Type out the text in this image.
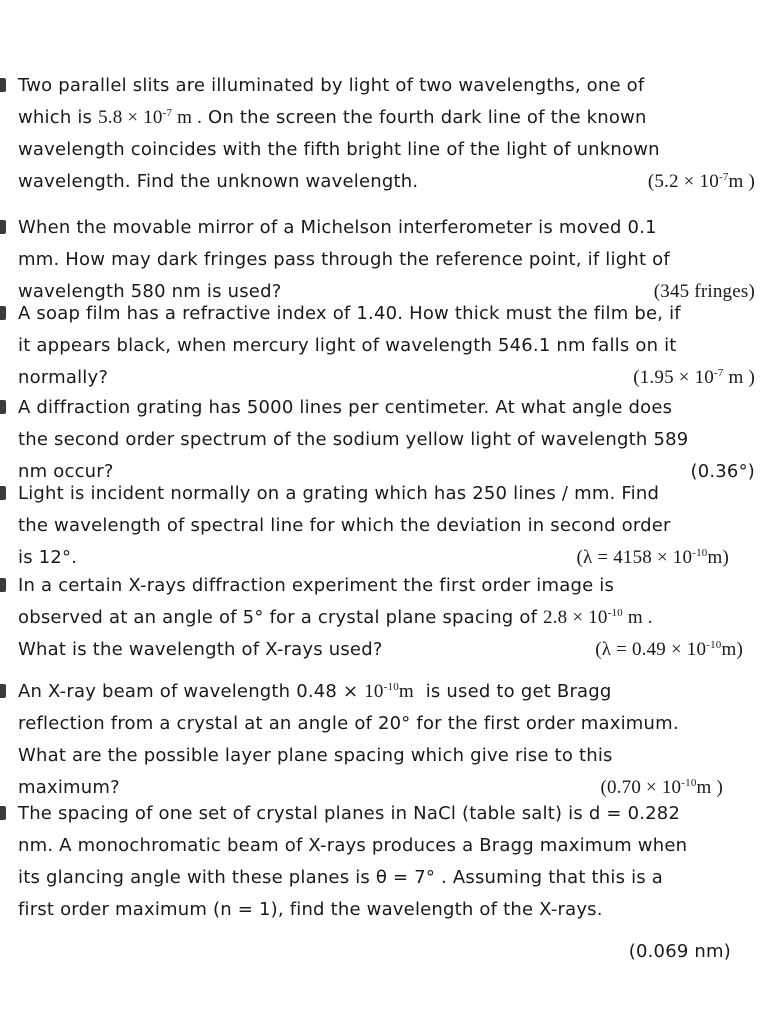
Two parallel slits are illuminated by light of two wavelengths, one of
which is $5.8 \times 10^{-7}$ m . On the screen the fourth dark line of the known
wavelength coincides with the fifth bright line of the light of unknown
wavelength. Find the unknown wavelength.	($5.2 \times 10^{-7}m$ )

When the movable mirror of a Michelson interferometer is moved 0.1
mm. How may dark fringes pass through the reference point, if light of
wavelength 580 nm is used?	(345 fringes)

A soap film has a refractive index of 1.40. How thick must the film be, if
it appears black, when mercury light of wavelength 546.1 nm falls on it
normally?	($1.95 \times 10^{-7}$ m )

A diffraction grating has 5000 lines per centimeter. At what angle does
the second order spectrum of the sodium yellow light of wavelength 589
nm occur?	(0.36°)

Light is incident normally on a grating which has 250 lines / mm. Find
the wavelength of spectral line for which the deviation in second order
is 12°.	$(\lambda = 4158 \times 10^{-10}m)$

In a certain X-rays diffraction experiment the first order image is
observed at an angle of 5° for a crystal plane spacing of $2.8 \times 10^{-10}$ m .
What is the wavelength of X-rays used?	$(\lambda = 0.49 \times 10^{-10}m)$

An X-ray beam of wavelength $0.48 \times 10^{-10}m$ is used to get Bragg
reflection from a crystal at an angle of 20° for the first order maximum.
What are the possible layer plane spacing which give rise to this
maximum?	($0.70 \times 10^{-10}m$ )

The spacing of one set of crystal planes in NaCl (table salt) is d = 0.282
nm. A monochromatic beam of X-rays produces a Bragg maximum when
its glancing angle with these planes is θ = 7° . Assuming that this is a
first order maximum (n = 1), find the wavelength of the X-rays.

(0.069 nm)
